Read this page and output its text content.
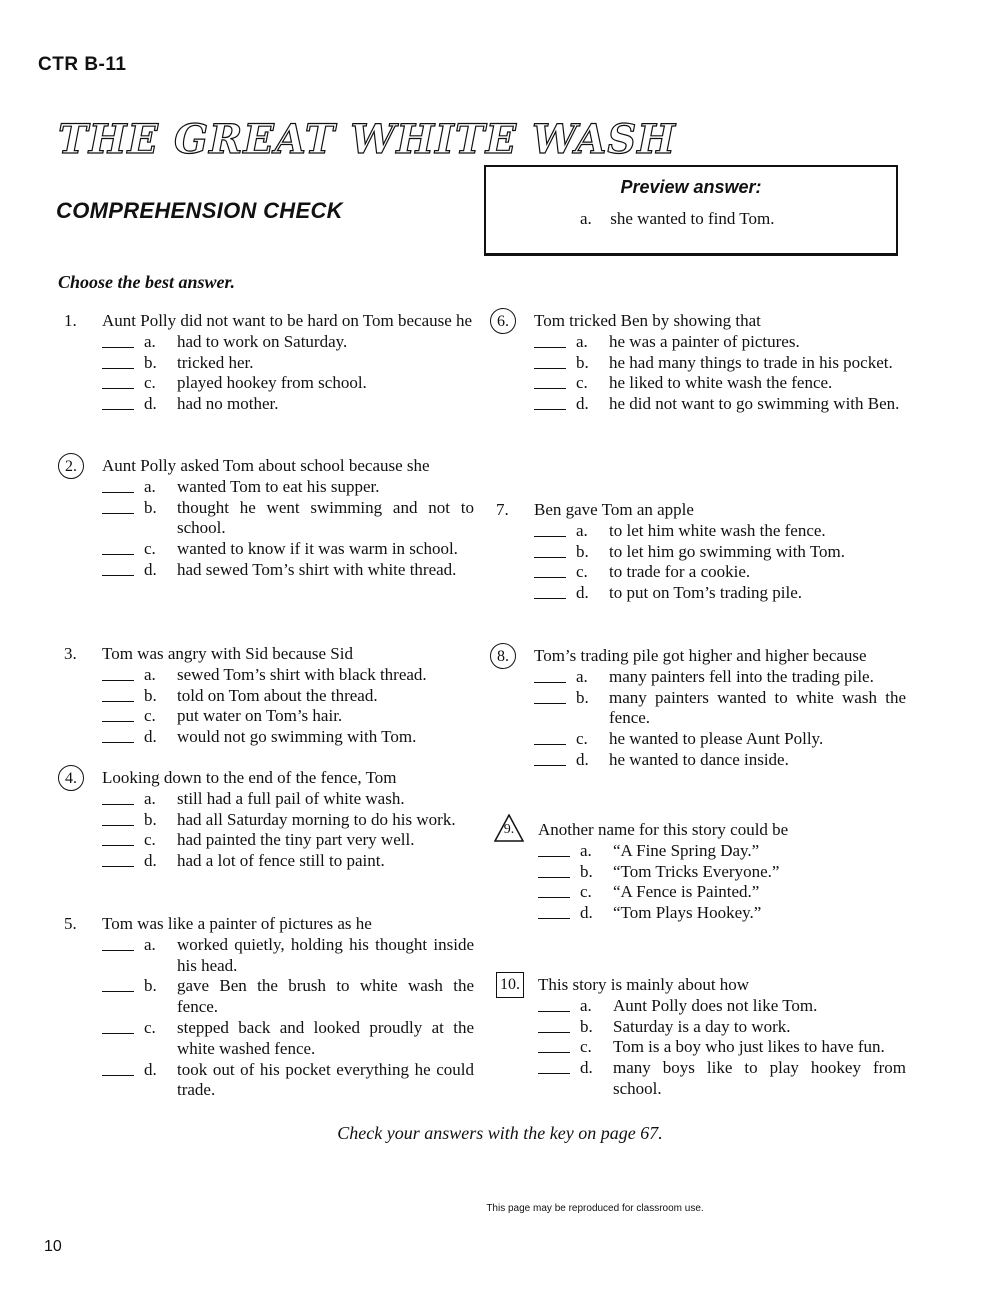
CTR B-11
THE GREAT WHITE WASH
COMPREHENSION CHECK
Preview answer:
a. she wanted to find Tom.
Choose the best answer.
1.	Aunt Polly did not want to be hard on Tom because he
a. had to work on Saturday.
b. tricked her.
c. played hookey from school.
d. had no mother.
2.	Aunt Polly asked Tom about school because she
a. wanted Tom to eat his supper.
b. thought he went swimming and not to school.
c. wanted to know if it was warm in school.
d. had sewed Tom’s shirt with white thread.
3.	Tom was angry with Sid because Sid
a. sewed Tom’s shirt with black thread.
b. told on Tom about the thread.
c. put water on Tom’s hair.
d. would not go swimming with Tom.
4.	Looking down to the end of the fence, Tom
a. still had a full pail of white wash.
b. had all Saturday morning to do his work.
c. had painted the tiny part very well.
d. had a lot of fence still to paint.
5.	Tom was like a painter of pictures as he
a. worked quietly, holding his thought inside his head.
b. gave Ben the brush to white wash the fence.
c. stepped back and looked proudly at the white washed fence.
d. took out of his pocket everything he could trade.
6.	Tom tricked Ben by showing that
a. he was a painter of pictures.
b. he had many things to trade in his pocket.
c. he liked to white wash the fence.
d. he did not want to go swimming with Ben.
7.	Ben gave Tom an apple
a. to let him white wash the fence.
b. to let him go swimming with Tom.
c. to trade for a cookie.
d. to put on Tom’s trading pile.
8.	Tom’s trading pile got higher and higher because
a. many painters fell into the trading pile.
b. many painters wanted to white wash the fence.
c. he wanted to please Aunt Polly.
d. he wanted to dance inside.
9.	Another name for this story could be
a. “A Fine Spring Day.”
b. “Tom Tricks Everyone.”
c. “A Fence is Painted.”
d. “Tom Plays Hookey.”
10. This story is mainly about how
a. Aunt Polly does not like Tom.
b. Saturday is a day to work.
c. Tom is a boy who just likes to have fun.
d. many boys like to play hookey from school.
Check your answers with the key on page 67.
This page may be reproduced for classroom use.
10
